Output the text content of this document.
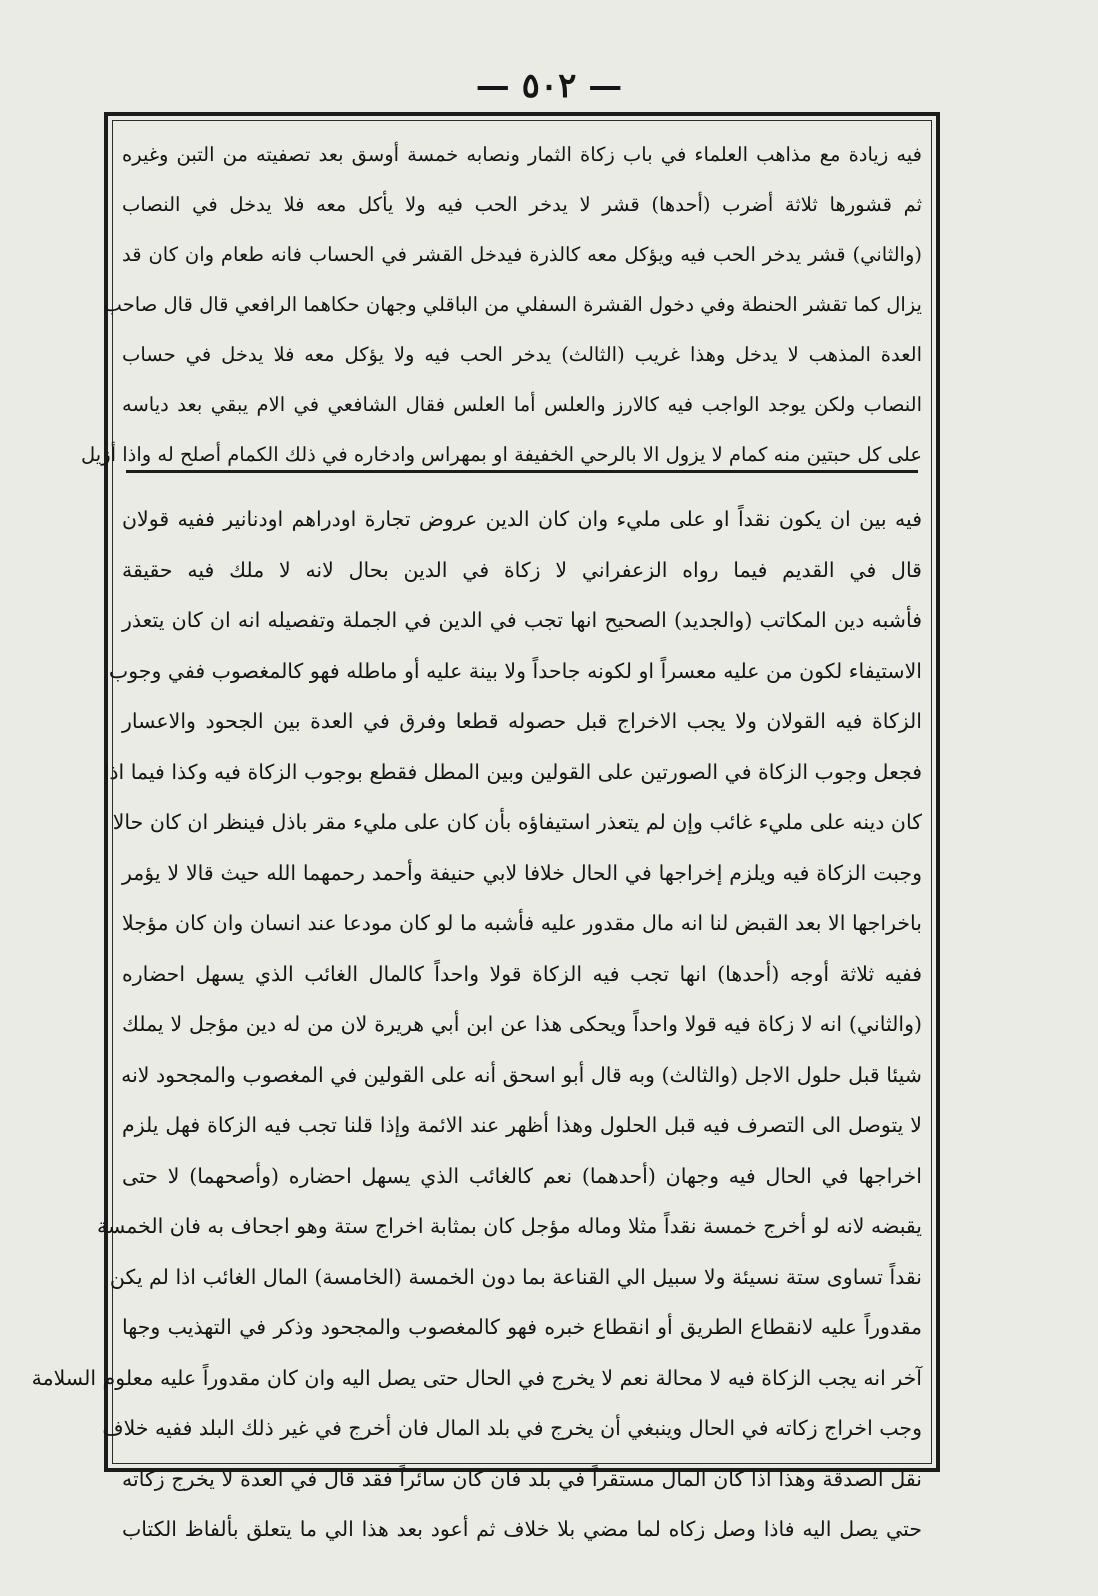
— ٥٠٢ —
فيه زيادة مع مذاهب العلماء في باب زكاة الثمار ونصابه خمسة أوسق بعد تصفيته من التبن وغيره
ثم قشورها ثلاثة أضرب (أحدها) قشر لا يدخر الحب فيه ولا يأكل معه فلا يدخل في النصاب
(والثاني) قشر يدخر الحب فيه ويؤكل معه كالذرة فيدخل القشر في الحساب فانه طعام وان كان قد
يزال كما تقشر الحنطة وفي دخول القشرة السفلي من الباقلي وجهان حكاهما الرافعي قال قال صاحب
العدة المذهب لا يدخل وهذا غريب (الثالث) يدخر الحب فيه ولا يؤكل معه فلا يدخل في حساب
النصاب ولكن يوجد الواجب فيه كالارز والعلس أما العلس فقال الشافعي في الام يبقي بعد دياسه
على كل حبتين منه كمام لا يزول الا بالرحي الخفيفة او بمهراس وادخاره في ذلك الكمام أصلح له واذا أزيل
فيه بين ان يكون نقداً او على مليء وان كان الدين عروض تجارة اودراهم اودنانير ففيه قولان
قال في القديم فيما رواه الزعفراني لا زكاة في الدين بحال لانه لا ملك فيه حقيقة
فأشبه دين المكاتب (والجديد) الصحيح انها تجب في الدين في الجملة وتفصيله انه ان كان يتعذر
الاستيفاء لكون من عليه معسراً او لكونه جاحداً ولا بينة عليه أو ماطله فهو كالمغصوب ففي وجوب
الزكاة فيه القولان ولا يجب الاخراج قبل حصوله قطعا وفرق في العدة بين الجحود والاعسار
فجعل وجوب الزكاة في الصورتين على القولين وبين المطل فقطع بوجوب الزكاة فيه وكذا فيما اذا
كان دينه على مليء غائب وإن لم يتعذر استيفاؤه بأن كان على مليء مقر باذل فينظر ان كان حالا
وجبت الزكاة فيه ويلزم إخراجها في الحال خلافا لابي حنيفة وأحمد رحمهما الله حيث قالا لا يؤمر
باخراجها الا بعد القبض لنا انه مال مقدور عليه فأشبه ما لو كان مودعا عند انسان وان كان مؤجلا
ففيه ثلاثة أوجه (أحدها) انها تجب فيه الزكاة قولا واحداً كالمال الغائب الذي يسهل احضاره
(والثاني) انه لا زكاة فيه قولا واحداً ويحكى هذا عن ابن أبي هريرة لان من له دين مؤجل لا يملك
شيئا قبل حلول الاجل (والثالث) وبه قال أبو اسحق أنه على القولين في المغصوب والمجحود لانه
لا يتوصل الى التصرف فيه قبل الحلول وهذا أظهر عند الائمة وإذا قلنا تجب فيه الزكاة فهل يلزم
اخراجها في الحال فيه وجهان (أحدهما) نعم كالغائب الذي يسهل احضاره (وأصحهما) لا حتى
يقبضه لانه لو أخرج خمسة نقداً مثلا وماله مؤجل كان بمثابة اخراج ستة وهو اجحاف به فان الخمسة
نقداً تساوى ستة نسيئة ولا سبيل الي القناعة بما دون الخمسة (الخامسة) المال الغائب اذا لم يكن
مقدوراً عليه لانقطاع الطريق أو انقطاع خبره فهو كالمغصوب والمجحود وذكر في التهذيب وجها
آخر انه يجب الزكاة فيه لا محالة نعم لا يخرج في الحال حتى يصل اليه وان كان مقدوراً عليه معلوم السلامة
وجب اخراج زكاته في الحال وينبغي أن يخرج في بلد المال فان أخرج في غير ذلك البلد ففيه خلاف
نقل الصدقة وهذا اذا كان المال مستقراً في بلد فان كان سائراً فقد قال في العدة لا يخرج زكاته
حتي يصل اليه فاذا وصل زكاه لما مضي بلا خلاف ثم أعود بعد هذا الي ما يتعلق بألفاظ الكتاب
